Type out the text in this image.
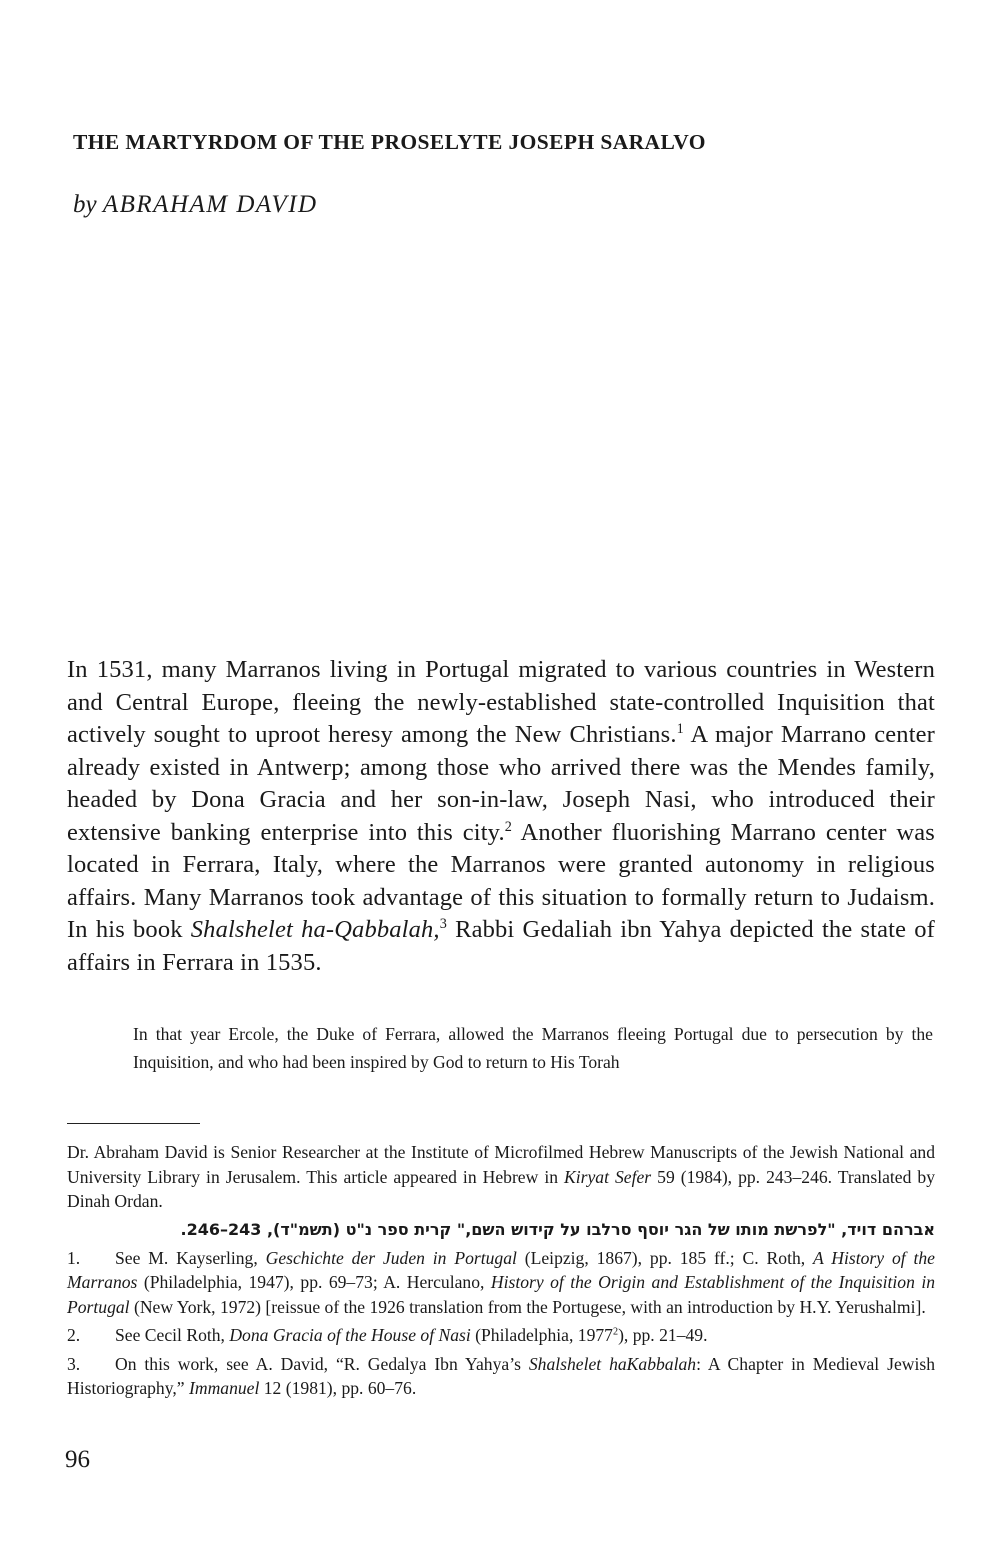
THE MARTYRDOM OF THE PROSELYTE JOSEPH SARALVO
by ABRAHAM DAVID

In 1531, many Marranos living in Portugal migrated to various countries in Western and Central Europe, fleeing the newly-established state-controlled Inquisition that actively sought to uproot heresy among the New Christians.$^1$ A major Marrano center already existed in Antwerp; among those who arrived there was the Mendes family, headed by Dona Gracia and her son-in-law, Joseph Nasi, who introduced their extensive banking enterprise into this city.$^2$ Another fluorishing Marrano center was located in Ferrara, Italy, where the Marranos were granted autonomy in religious affairs. Many Marranos took advantage of this situation to formally return to Judaism. In his book Shalshelet ha-Qabbalah,$^3$ Rabbi Gedaliah ibn Yahya depicted the state of affairs in Ferrara in 1535.

In that year Ercole, the Duke of Ferrara, allowed the Marranos fleeing Portugal due to persecution by the Inquisition, and who had been inspired by God to return to His Torah

Dr. Abraham David is Senior Researcher at the Institute of Microfilmed Hebrew Manuscripts of the Jewish National and University Library in Jerusalem. This article appeared in Hebrew in Kiryat Sefer 59 (1984), pp. 243–246. Translated by Dinah Ordan.

אברהם דויד, "לפרשת מותו של הגר יוסף סרלבו על קידוש השם," קרית ספר נ"ט (תשמ"ד), 243–246.

1. See M. Kayserling, Geschichte der Juden in Portugal (Leipzig, 1867), pp. 185 ff.; C. Roth, A History of the Marranos (Philadelphia, 1947), pp. 69–73; A. Herculano, History of the Origin and Establishment of the Inquisition in Portugal (New York, 1972) [reissue of the 1926 translation from the Portugese, with an introduction by H.Y. Yerushalmi].

2. See Cecil Roth, Dona Gracia of the House of Nasi (Philadelphia, 1977$^2$), pp. 21–49.

3. On this work, see A. David, “R. Gedalya Ibn Yahya’s Shalshelet haKabbalah: A Chapter in Medieval Jewish Historiography,” Immanuel 12 (1981), pp. 60–76.

96
